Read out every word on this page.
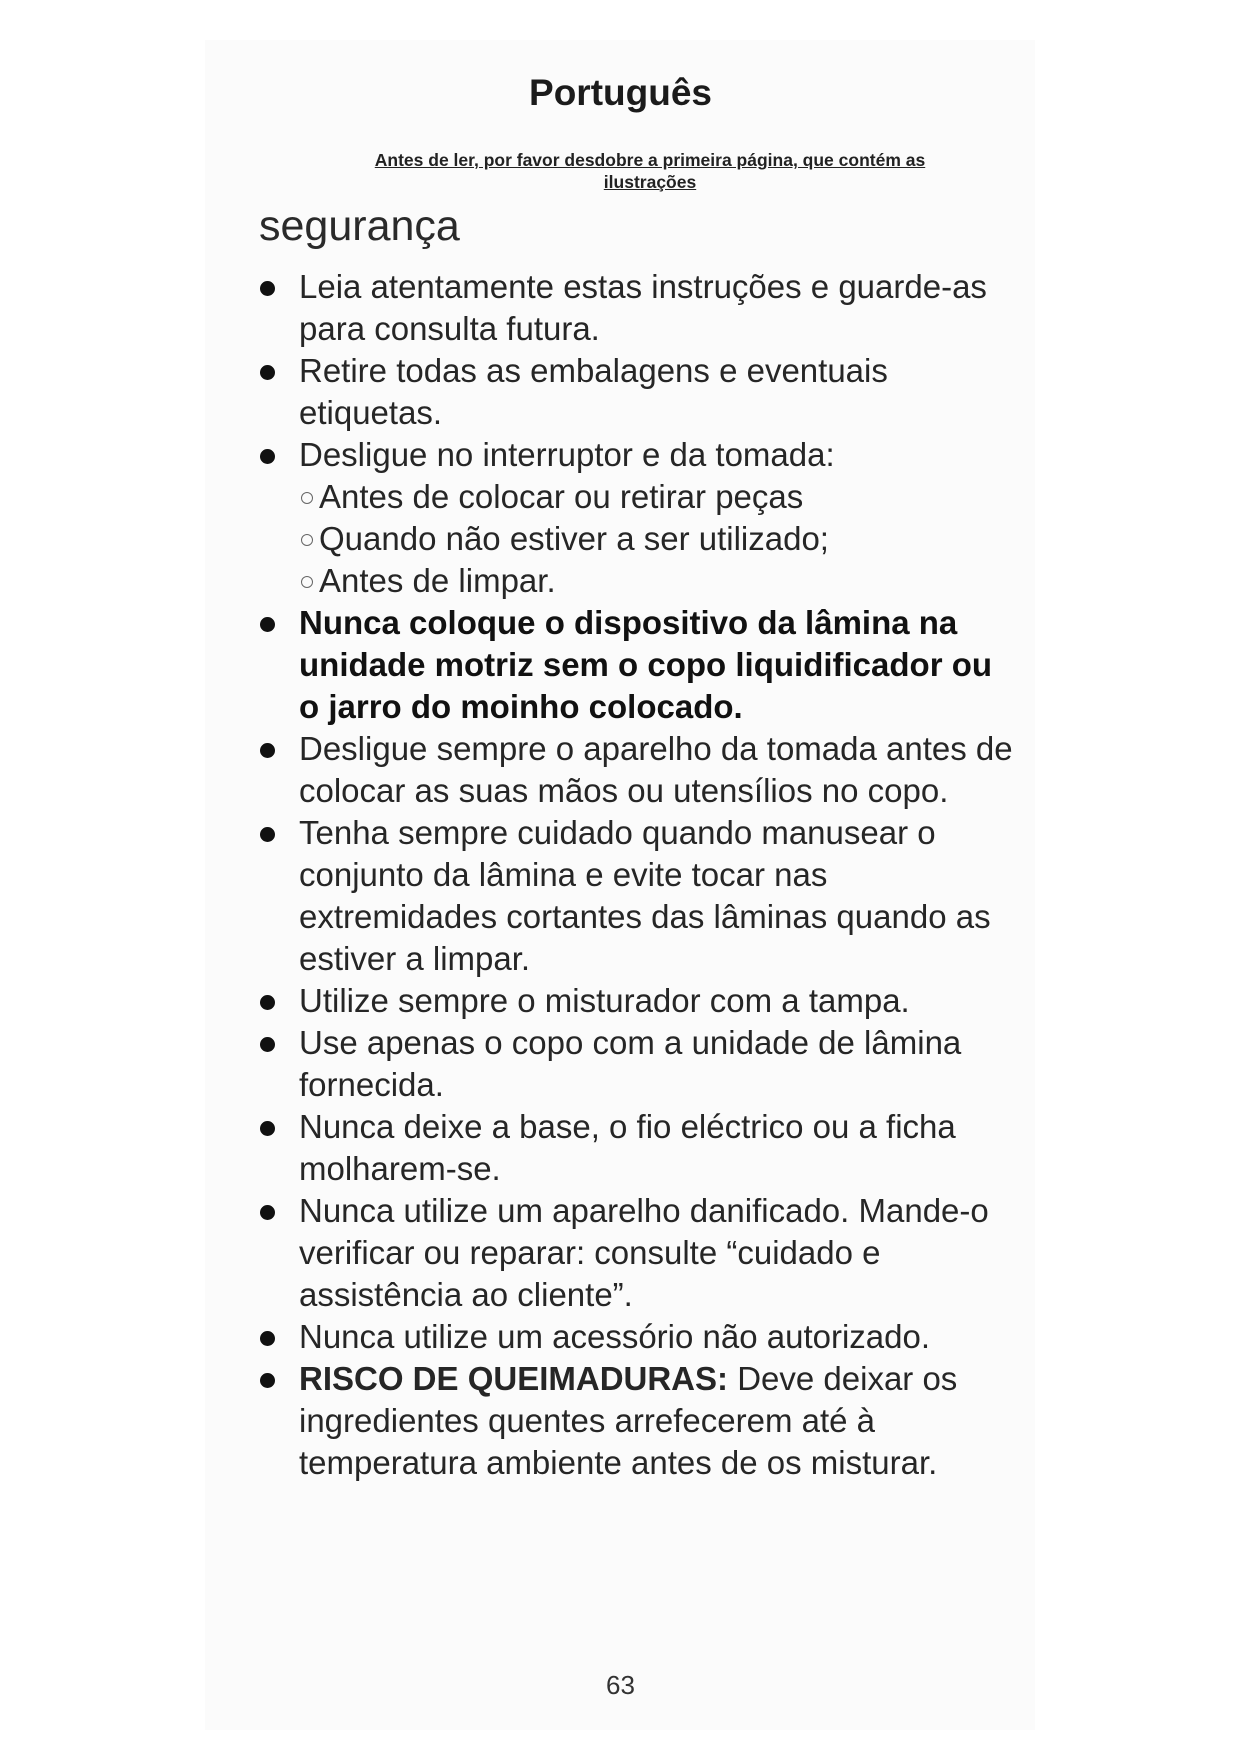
Português
Antes de ler, por favor desdobre a primeira página, que contém as
ilustrações
segurança
Leia atentamente estas instruções e guarde-as para consulta futura.
Retire todas as embalagens e eventuais etiquetas.
Desligue no interruptor e da tomada:
Antes de colocar ou retirar peças
Quando não estiver a ser utilizado;
Antes de limpar.
Nunca coloque o dispositivo da lâmina na unidade motriz sem o copo liquidificador ou o jarro do moinho colocado.
Desligue sempre o aparelho da tomada antes de colocar as suas mãos ou utensílios no copo.
Tenha sempre cuidado quando manusear o conjunto da lâmina e evite tocar nas extremidades cortantes das lâminas quando as estiver a limpar.
Utilize sempre o misturador com a tampa.
Use apenas o copo com a unidade de lâmina fornecida.
Nunca deixe a base, o fio eléctrico ou a ficha molharem-se.
Nunca utilize um aparelho danificado. Mande-o verificar ou reparar: consulte “cuidado e assistência ao cliente”.
Nunca utilize um acessório não autorizado.
RISCO DE QUEIMADURAS: Deve deixar os ingredientes quentes arrefecerem até à temperatura ambiente antes de os misturar.
63
